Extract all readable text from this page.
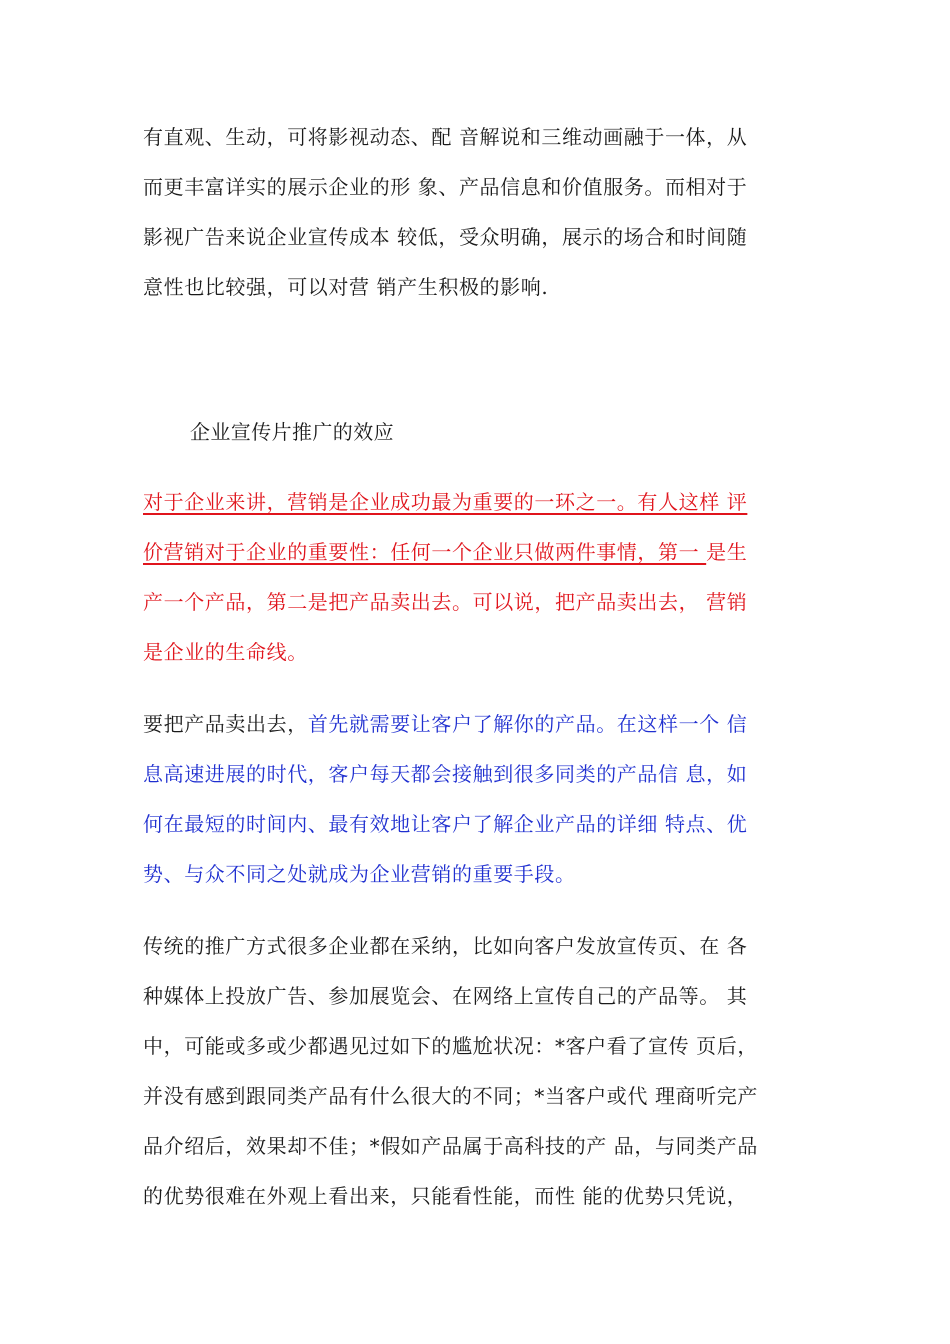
有直观、生动，可将影视动态、配 音解说和三维动画融于一体，从
而更丰富详实的展示企业的形 象、产品信息和价值服务。而相对于
影视广告来说企业宣传成本 较低，受众明确，展示的场合和时间随
意性也比较强，可以对营 销产生积极的影响.
企业宣传片推广的效应
对于企业来讲，营销是企业成功最为重要的一环之一。有人这样 评
价营销对于企业的重要性：任何一个企业只做两件事情，第一 是生
产一个产品，第二是把产品卖出去。可以说，把产品卖出去， 营销
是企业的生命线。
要把产品卖出去，首先就需要让客户了解你的产品。在这样一个 信
息高速进展的时代，客户每天都会接触到很多同类的产品信 息，如
何在最短的时间内、最有效地让客户了解企业产品的详细 特点、优
势、与众不同之处就成为企业营销的重要手段。
传统的推广方式很多企业都在采纳，比如向客户发放宣传页、在 各
种媒体上投放广告、参加展览会、在网络上宣传自己的产品等。 其
中，可能或多或少都遇见过如下的尴尬状况：*客户看了宣传 页后，
并没有感到跟同类产品有什么很大的不同；*当客户或代 理商听完产
品介绍后，效果却不佳；*假如产品属于高科技的产 品，与同类产品
的优势很难在外观上看出来，只能看性能，而性 能的优势只凭说，
